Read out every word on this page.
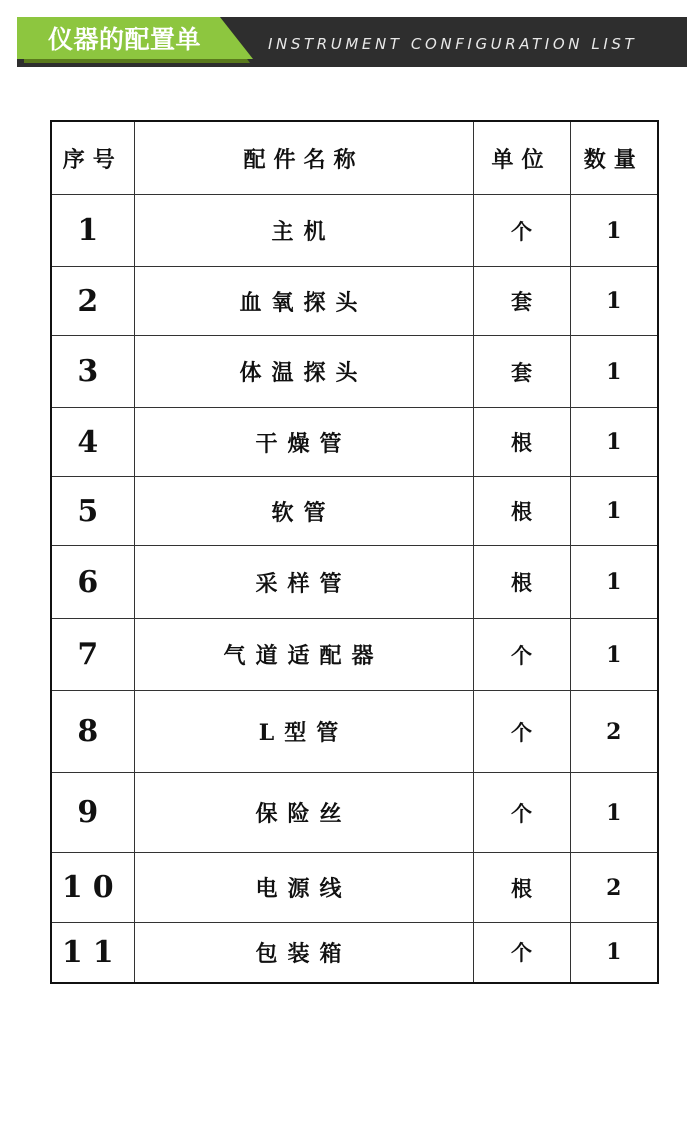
仪器的配置单	INSTRUMENT CONFIGURATION LIST
序号	配件名称	单位	数量
1	主机	个	1
2	血氧探头	套	1
3	体温探头	套	1
4	干燥管	根	1
5	软管	根	1
6	采样管	根	1
7	气道适配器	个	1
8	L型管	个	2
9	保险丝	个	1
10	电源线	根	2
11	包装箱	个	1
